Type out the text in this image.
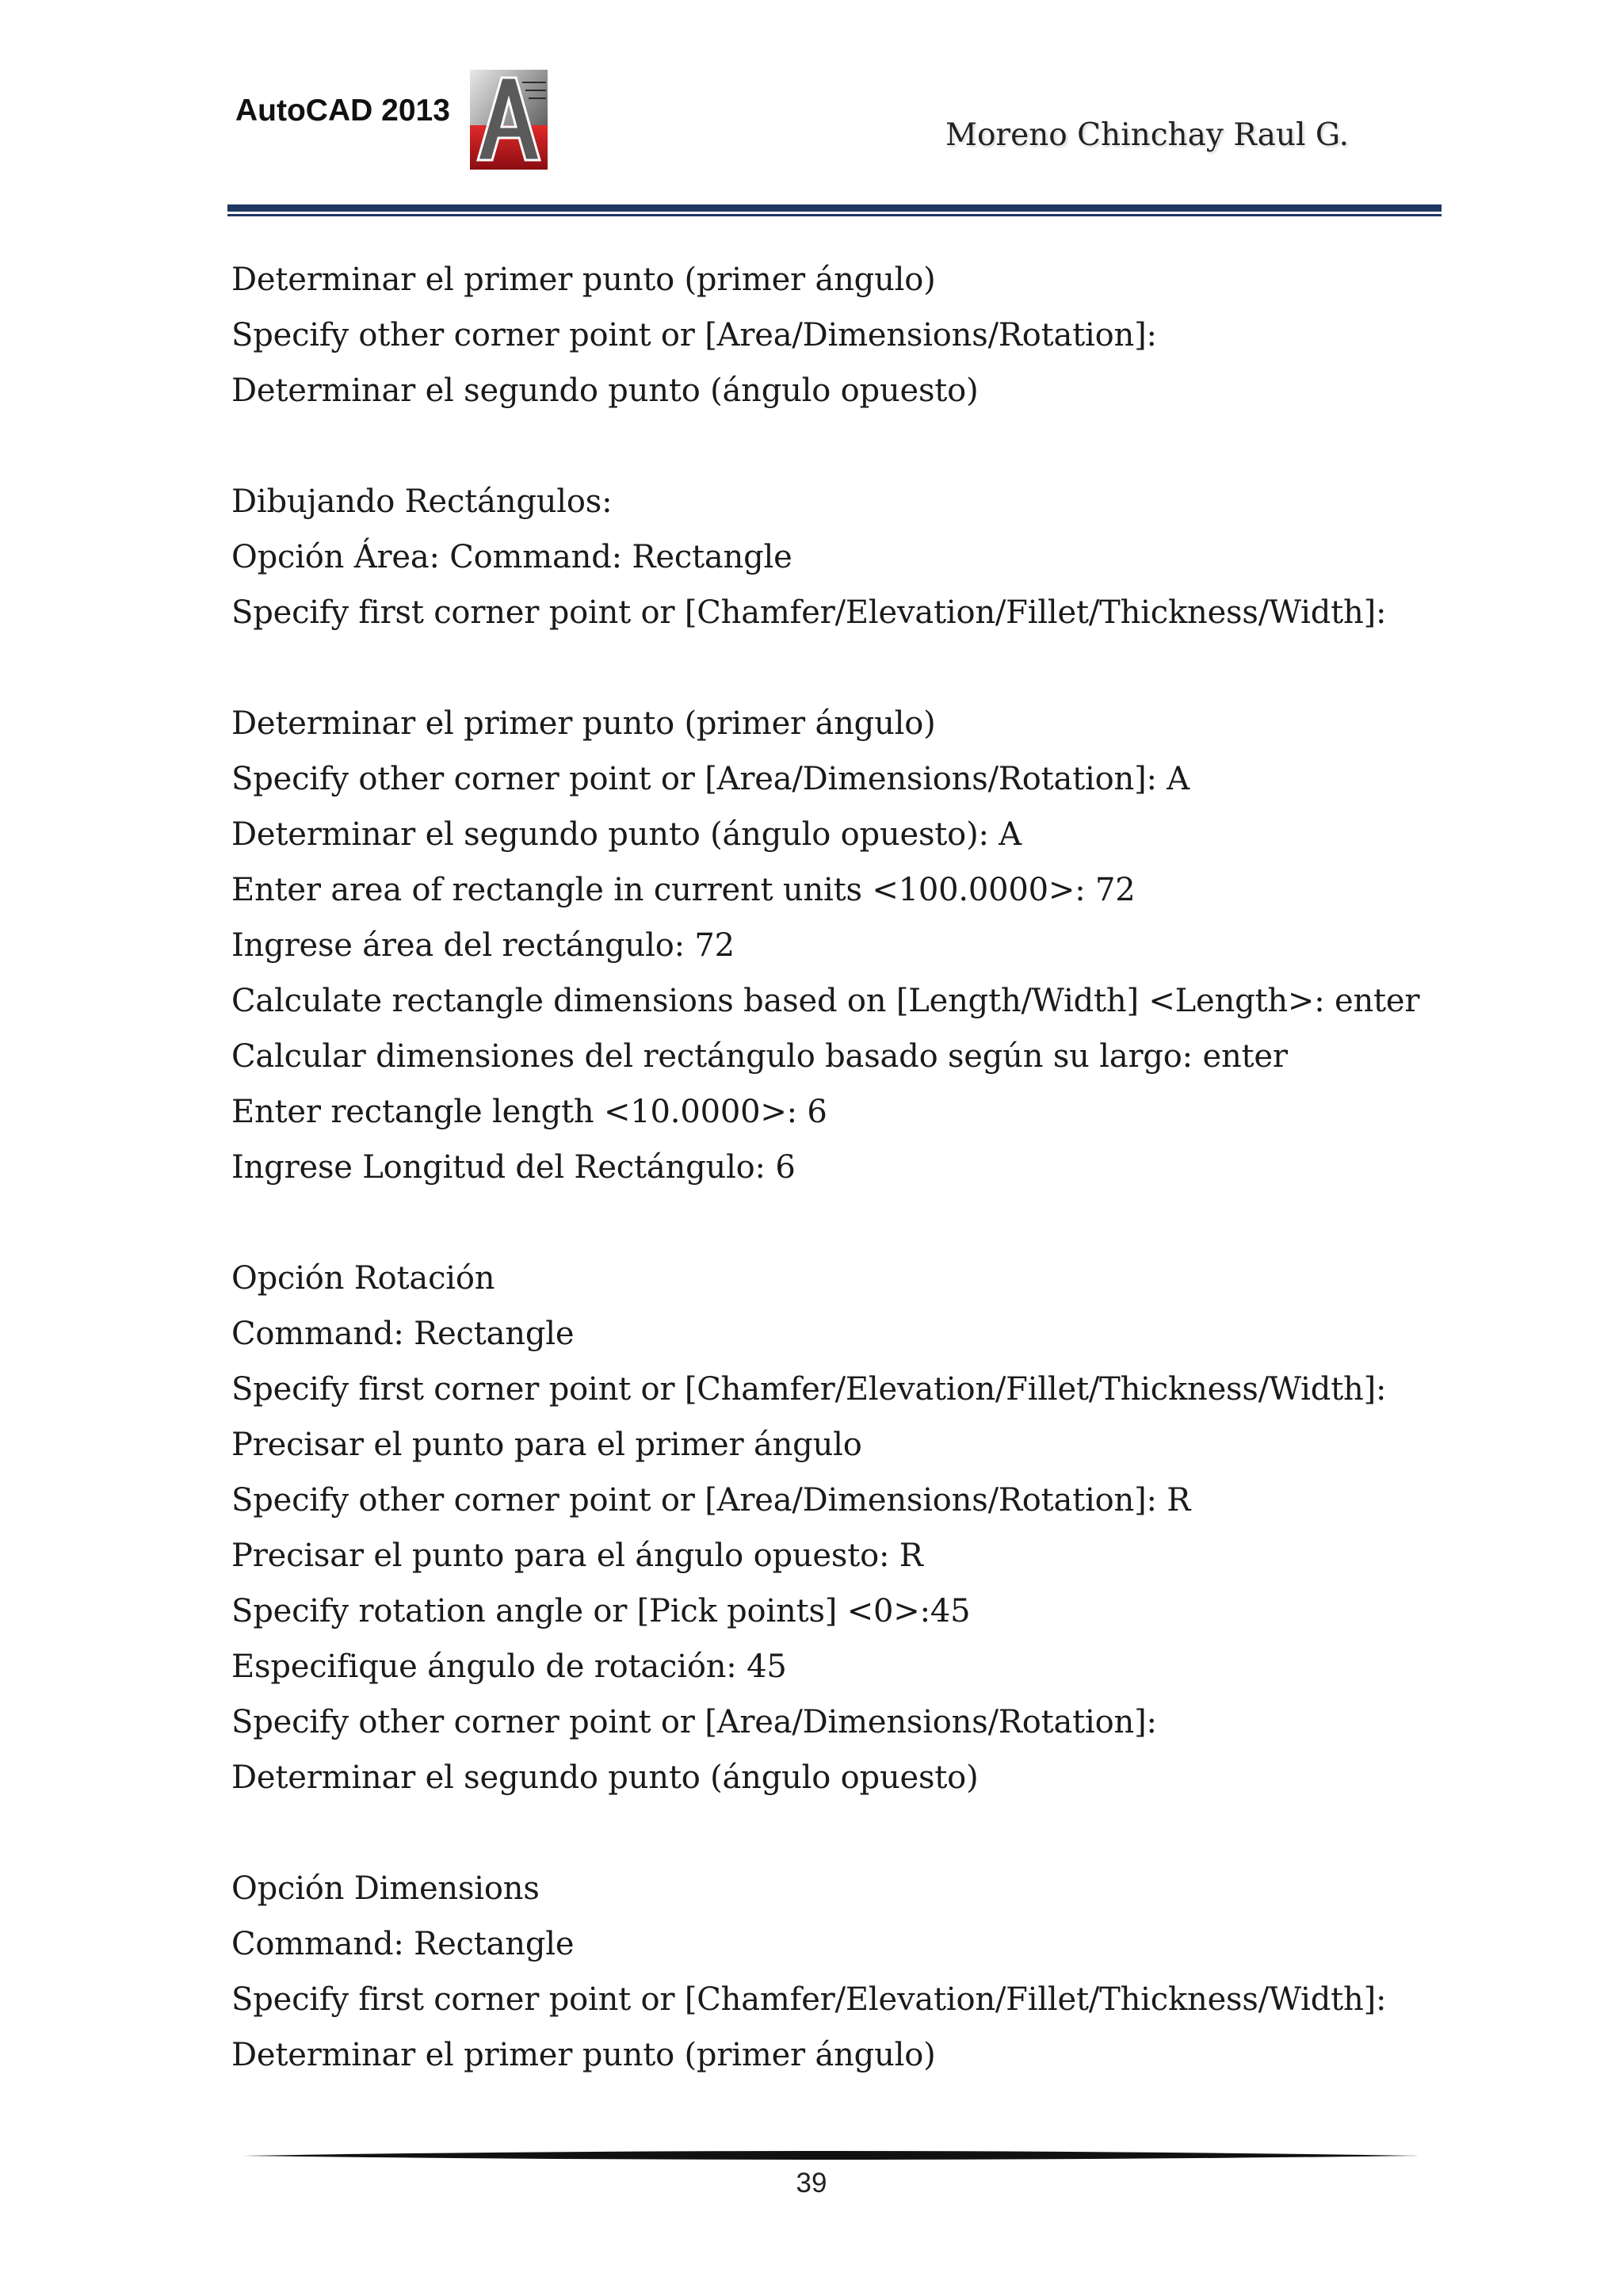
AutoCAD 2013
Moreno Chinchay Raul G.
Determinar el primer punto (primer ángulo)
Specify other corner point or [Area/Dimensions/Rotation]:
Determinar el segundo punto (ángulo opuesto)
Dibujando Rectángulos:
Opción Área: Command: Rectangle
Specify first corner point or [Chamfer/Elevation/Fillet/Thickness/Width]:
Determinar el primer punto (primer ángulo)
Specify other corner point or [Area/Dimensions/Rotation]: A
Determinar el segundo punto (ángulo opuesto): A
Enter area of rectangle in current units <100.0000>: 72
Ingrese área del rectángulo: 72
Calculate rectangle dimensions based on [Length/Width] <Length>: enter
Calcular dimensiones del rectángulo basado según su largo: enter
Enter rectangle length <10.0000>: 6
Ingrese Longitud del Rectángulo: 6
Opción Rotación
Command: Rectangle
Specify first corner point or [Chamfer/Elevation/Fillet/Thickness/Width]:
Precisar el punto para el primer ángulo
Specify other corner point or [Area/Dimensions/Rotation]: R
Precisar el punto para el ángulo opuesto: R
Specify rotation angle or [Pick points] <0>:45
Especifique ángulo de rotación: 45
Specify other corner point or [Area/Dimensions/Rotation]:
Determinar el segundo punto (ángulo opuesto)
Opción Dimensions
Command: Rectangle
Specify first corner point or [Chamfer/Elevation/Fillet/Thickness/Width]:
Determinar el primer punto (primer ángulo)
39
